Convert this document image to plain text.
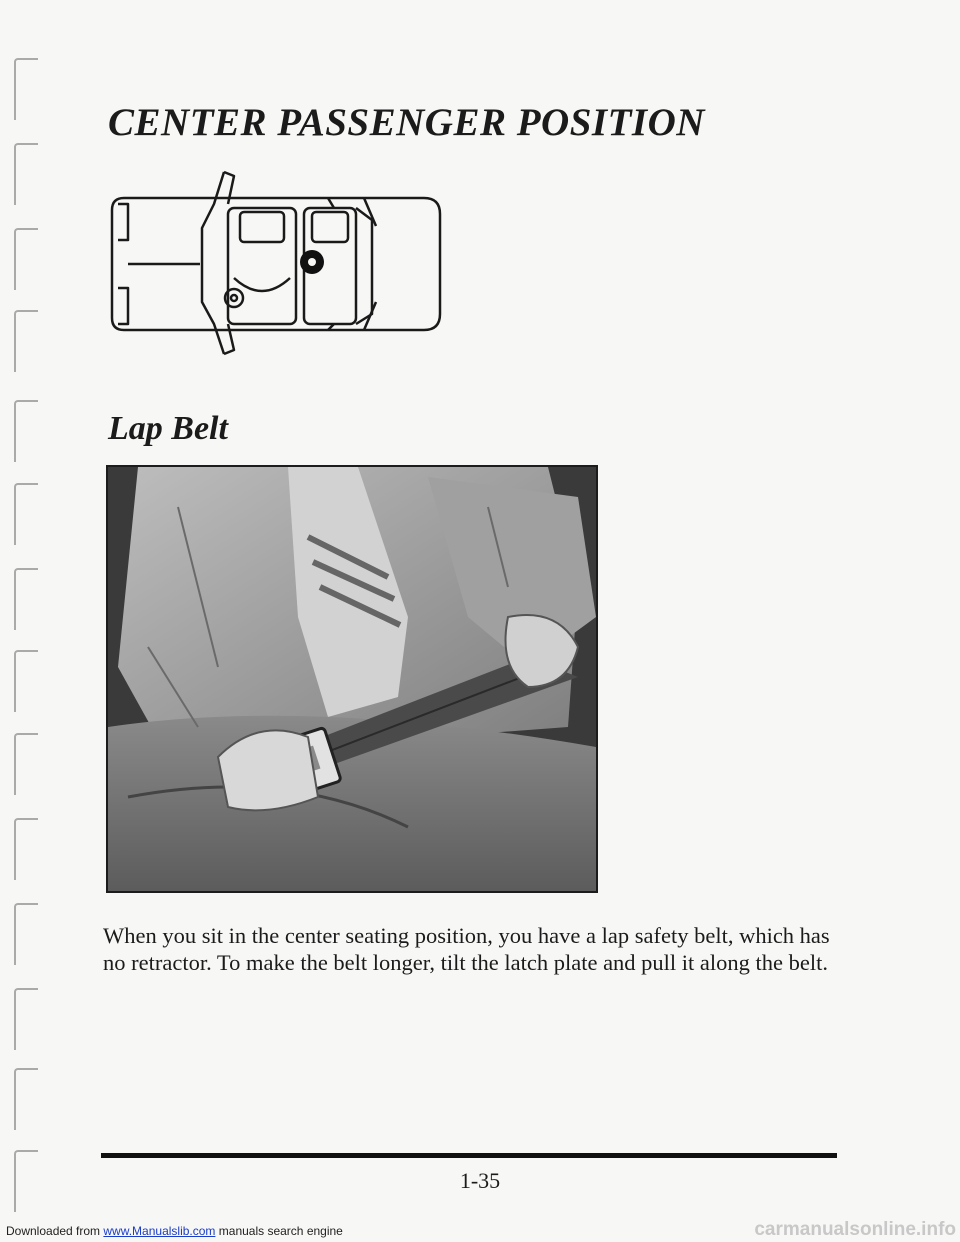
CENTER PASSENGER POSITION
Lap Belt

When you sit in the center seating position, you have a lap safety belt, which has no retractor. To make the belt longer, tilt the latch plate and pull it along the belt.

1-35
Downloaded from www.Manualslib.com manuals search engine	carmanualsonline.info
